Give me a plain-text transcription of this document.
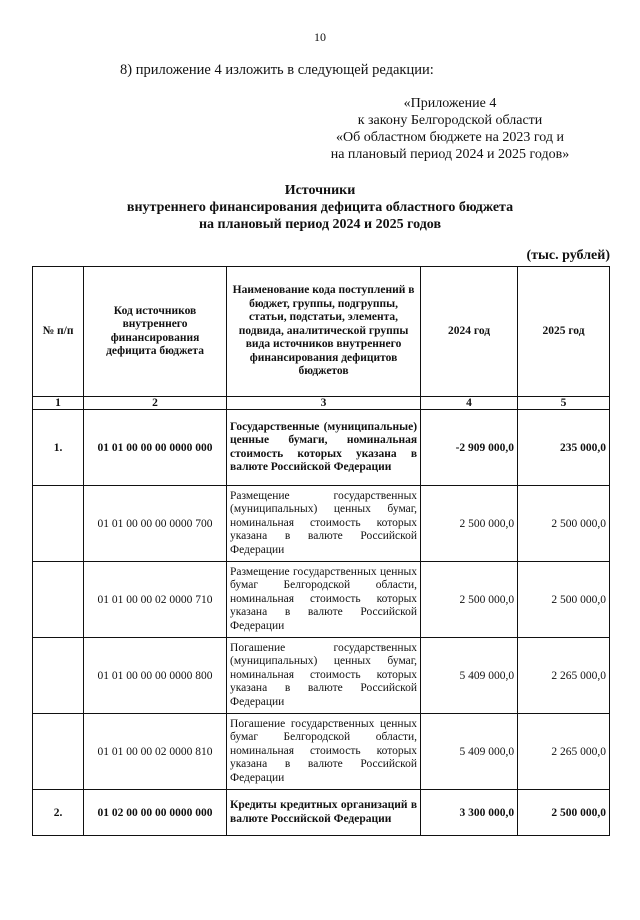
10
8) приложение 4 изложить в следующей редакции:
«Приложение 4
к закону Белгородской области
«Об областном бюджете на 2023 год и
на плановый период 2024 и 2025 годов»
Источники
внутреннего финансирования дефицита областного бюджета
на плановый период 2024 и 2025 годов
(тыс. рублей)
№ п/п	Код источников внутреннего финансирования дефицита бюджета	Наименование кода поступлений в бюджет, группы, подгруппы, статьи, подстатьи, элемента, подвида, аналитической группы вида источников внутреннего финансирования дефицитов бюджетов	2024 год	2025 год
1	2	3	4	5
1.	01 01 00 00 00 0000 000	Государственные (муниципальные) ценные бумаги, номинальная стоимость которых указана в валюте Российской Федерации	-2 909 000,0	235 000,0
	01 01 00 00 00 0000 700	Размещение государственных (муниципальных) ценных бумаг, номинальная стоимость которых указана в валюте Российской Федерации	2 500 000,0	2 500 000,0
	01 01 00 00 02 0000 710	Размещение государственных ценных бумаг Белгородской области, номинальная стоимость которых указана в валюте Российской Федерации	2 500 000,0	2 500 000,0
	01 01 00 00 00 0000 800	Погашение государственных (муниципальных) ценных бумаг, номинальная стоимость которых указана в валюте Российской Федерации	5 409 000,0	2 265 000,0
	01 01 00 00 02 0000 810	Погашение государственных ценных бумаг Белгородской области, номинальная стоимость которых указана в валюте Российской Федерации	5 409 000,0	2 265 000,0
2.	01 02 00 00 00 0000 000	Кредиты кредитных организаций в валюте Российской Федерации	3 300 000,0	2 500 000,0
